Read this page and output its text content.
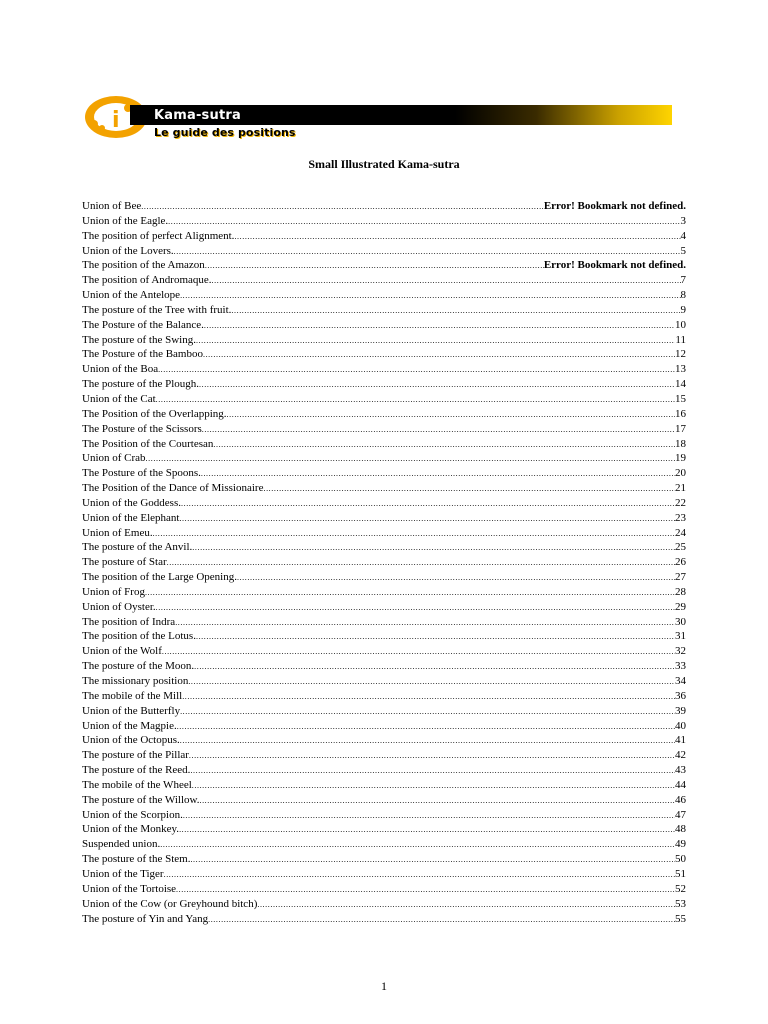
i	Kama-sutra
Le guide des positions
Small Illustrated Kama-sutra
Union of Bee .....	Error! Bookmark not defined.
Union of the Eagle. .....	3
The position of perfect Alignment. .....	4
Union of the Lovers. .....	5
The position of the Amazon .....	Error! Bookmark not defined.
The position of Andromaque. .....	7
Union of the Antelope .....	8
The posture of the Tree with fruit. .....	9
The Posture of the Balance. .....	10
The posture of the Swing. .....	11
The Posture of the Bamboo .....	12
Union of the Boa .....	13
The posture of the Plough. .....	14
Union of the Cat .....	15
The Position of the Overlapping. .....	16
The Posture of the Scissors .....	17
The Position of the Courtesan .....	18
Union of Crab .....	19
The Posture of the Spoons. .....	20
The Position of the Dance of Missionaire .....	21
Union of the Goddess. .....	22
Union of the Elephant .....	23
Union of Emeu. .....	24
The posture of the Anvil. .....	25
The posture of Star .....	26
The position of the Large Opening. .....	27
Union of Frog .....	28
Union of Oyster. .....	29
The position of Indra .....	30
The position of the Lotus. .....	31
Union of the Wolf .....	32
The posture of the Moon. .....	33
The missionary position .....	34
The mobile of the Mill .....	36
Union of the Butterfly .....	39
Union of the Magpie. .....	40
Union of the Octopus. .....	41
The posture of the Pillar .....	42
The posture of the Reed. .....	43
The mobile of the Wheel .....	44
The posture of the Willow. .....	46
Union of the Scorpion. .....	47
Union of the Monkey. .....	48
Suspended union. .....	49
The posture of the Stem. .....	50
Union of the Tiger .....	51
Union of the Tortoise .....	52
Union of the Cow (or Greyhound bitch) .....	53
The posture of Yin and Yang .....	55
1
